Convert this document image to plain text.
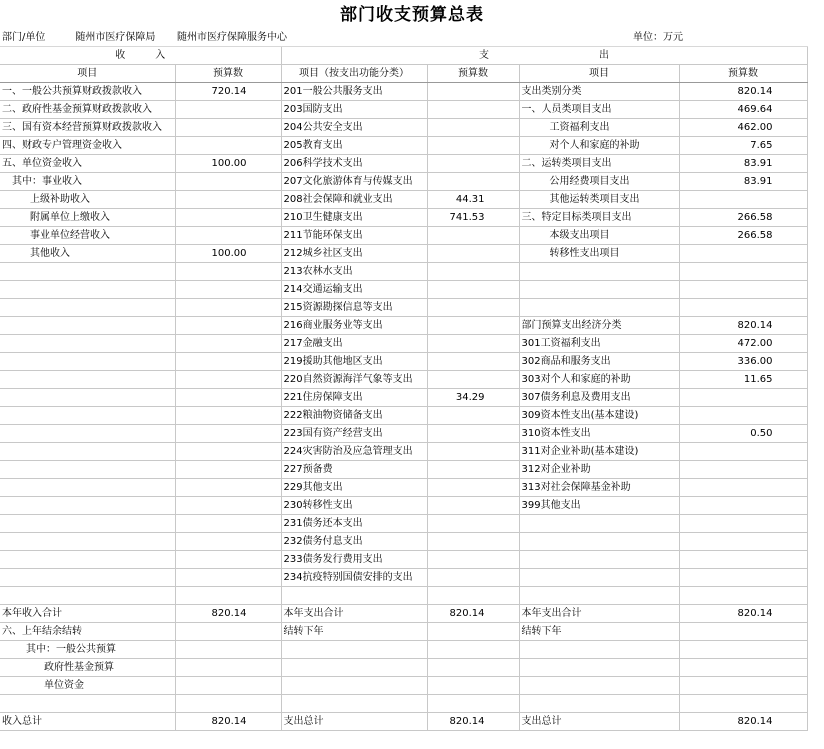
部门收支预算总表
部门/单位	随州市医疗保障局	随州市医疗保障服务中心		单位：万元
收　　　入	支　　　　　　　　　　　出
项目	预算数	项目（按支出功能分类）	预算数	项目	预算数
一、一般公共预算财政拨款收入	720.14	201一般公共服务支出		支出类别分类	820.14
二、政府性基金预算财政拨款收入		203国防支出		一、人员类项目支出	469.64
三、国有资本经营预算财政拨款收入		204公共安全支出		工资福利支出	462.00
四、财政专户管理资金收入		205教育支出		对个人和家庭的补助	7.65
五、单位资金收入	100.00	206科学技术支出		二、运转类项目支出	83.91
其中：事业收入		207文化旅游体育与传媒支出		公用经费项目支出	83.91
上级补助收入		208社会保障和就业支出	44.31	其他运转类项目支出	
附属单位上缴收入		210卫生健康支出	741.53	三、特定目标类项目支出	266.58
事业单位经营收入		211节能环保支出		本级支出项目	266.58
其他收入	100.00	212城乡社区支出		转移性支出项目	
		213农林水支出			
		214交通运输支出			
		215资源勘探信息等支出			
		216商业服务业等支出		部门预算支出经济分类	820.14
		217金融支出		301工资福利支出	472.00
		219援助其他地区支出		302商品和服务支出	336.00
		220自然资源海洋气象等支出		303对个人和家庭的补助	11.65
		221住房保障支出	34.29	307债务利息及费用支出	
		222粮油物资储备支出		309资本性支出(基本建设)	
		223国有资产经营支出		310资本性支出	0.50
		224灾害防治及应急管理支出		311对企业补助(基本建设)	
		227预备费		312对企业补助	
		229其他支出		313对社会保障基金补助	
		230转移性支出		399其他支出	
		231债务还本支出			
		232债务付息支出			
		233债务发行费用支出			
		234抗疫特别国债安排的支出			

本年收入合计	820.14	本年支出合计	820.14	本年支出合计	820.14
六、上年结余结转		结转下年		结转下年	
其中：一般公共预算					
政府性基金预算					
单位资金					

收入总计	820.14	支出总计	820.14	支出总计	820.14
